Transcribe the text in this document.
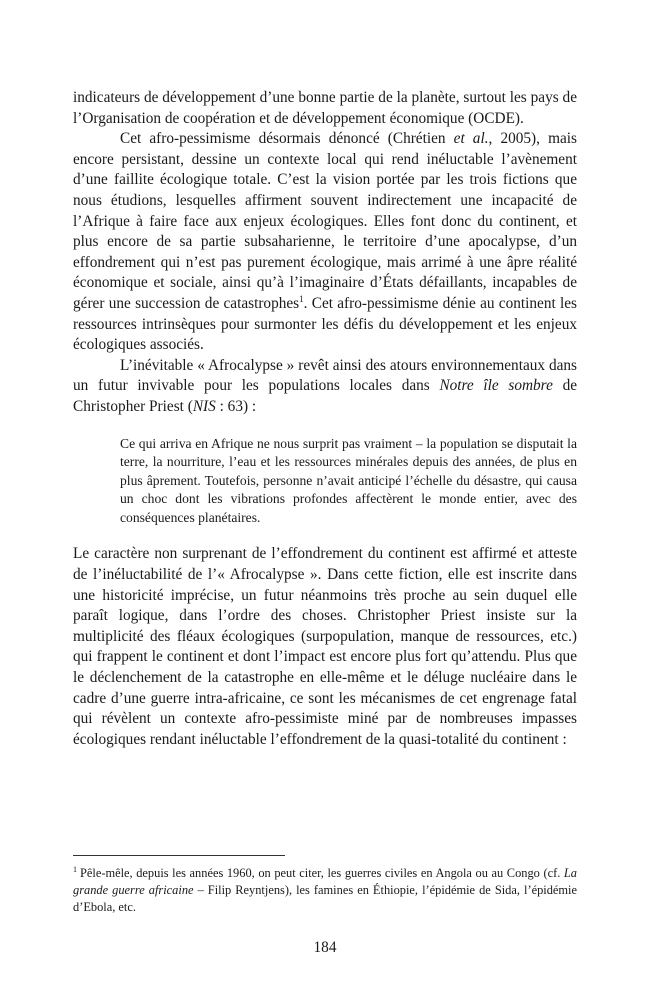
indicateurs de développement d’une bonne partie de la planète, surtout les pays de l’Organisation de coopération et de développement économique (OCDE).

Cet afro-pessimisme désormais dénoncé (Chrétien et al., 2005), mais encore persistant, dessine un contexte local qui rend inéluctable l’avènement d’une faillite écologique totale. C’est la vision portée par les trois fictions que nous étudions, lesquelles affirment souvent indirectement une incapacité de l’Afrique à faire face aux enjeux écologiques. Elles font donc du continent, et plus encore de sa partie subsaharienne, le territoire d’une apocalypse, d’un effondrement qui n’est pas purement écologique, mais arrimé à une âpre réalité économique et sociale, ainsi qu’à l’imaginaire d’États défaillants, incapables de gérer une succession de catastrophes$^1$. Cet afro-pessimisme dénie au continent les ressources intrinsèques pour surmonter les défis du développement et les enjeux écologiques associés.

L’inévitable « Afrocalypse » revêt ainsi des atours environnementaux dans un futur invivable pour les populations locales dans Notre île sombre de Christopher Priest (NIS : 63) :

Ce qui arriva en Afrique ne nous surprit pas vraiment – la population se disputait la terre, la nourriture, l’eau et les ressources minérales depuis des années, de plus en plus âprement. Toutefois, personne n’avait anticipé l’échelle du désastre, qui causa un choc dont les vibrations profondes affectèrent le monde entier, avec des conséquences planétaires.

Le caractère non surprenant de l’effondrement du continent est affirmé et atteste de l’inéluctabilité de l’« Afrocalypse ». Dans cette fiction, elle est inscrite dans une historicité imprécise, un futur néanmoins très proche au sein duquel elle paraît logique, dans l’ordre des choses. Christopher Priest insiste sur la multiplicité des fléaux écologiques (surpopulation, manque de ressources, etc.) qui frappent le continent et dont l’impact est encore plus fort qu’attendu. Plus que le déclenchement de la catastrophe en elle-même et le déluge nucléaire dans le cadre d’une guerre intra-africaine, ce sont les mécanismes de cet engrenage fatal qui révèlent un contexte afro-pessimiste miné par de nombreuses impasses écologiques rendant inéluctable l’effondrement de la quasi-totalité du continent :

$^1$ Pêle-mêle, depuis les années 1960, on peut citer, les guerres civiles en Angola ou au Congo (cf. La grande guerre africaine – Filip Reyntjens), les famines en Éthiopie, l’épidémie de Sida, l’épidémie d’Ebola, etc.

184
